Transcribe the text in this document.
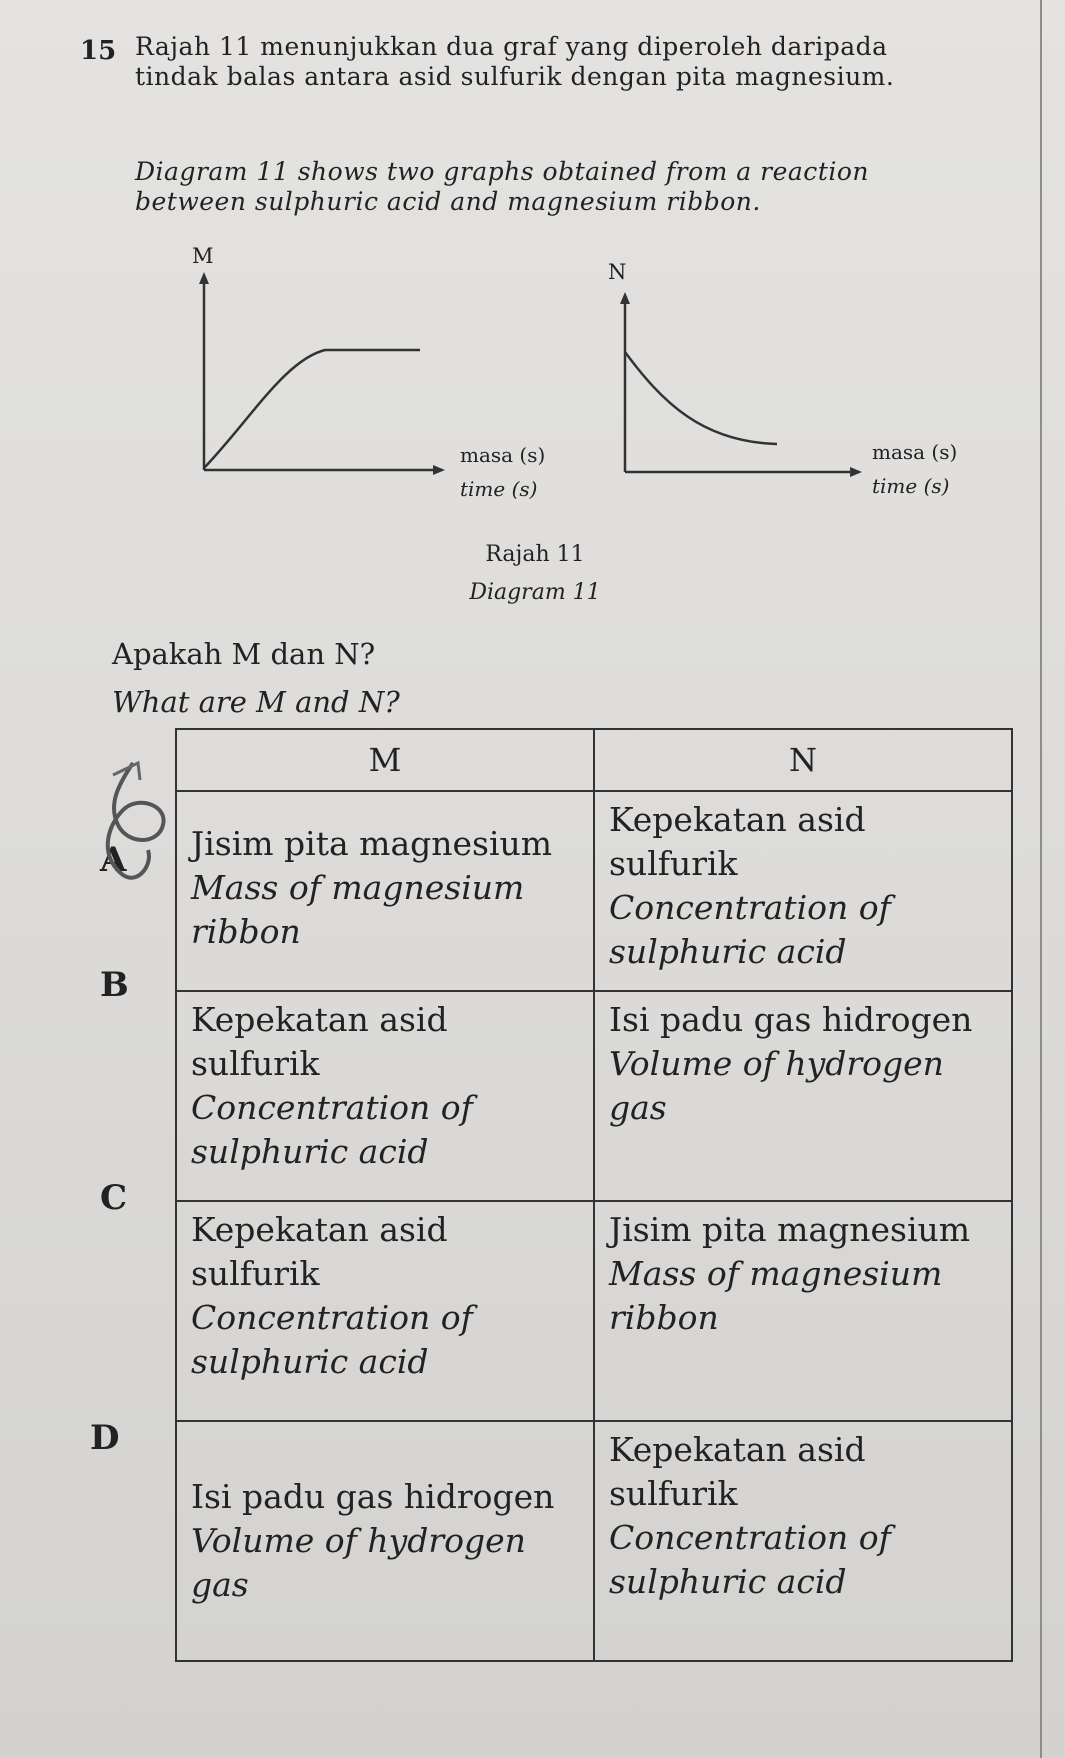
15 Rajah 11 menunjukkan dua graf yang diperoleh daripada tindak balas antara asid sulfurik dengan pita magnesium.
Diagram 11 shows two graphs obtained from a reaction between sulphuric acid and magnesium ribbon.
M
masa (s)
time (s)
N
masa (s)
time (s)
Rajah 11
Diagram 11
Apakah M dan N?
What are M and N?
A
B
C
D
M	N

Jisim pita magnesium
Mass of magnesium ribbon	Kepekatan asid sulfurik
Concentration of sulphuric acid

Kepekatan asid sulfurik
Concentration of sulphuric acid	Isi padu gas hidrogen
Volume of hydrogen gas

Kepekatan asid sulfurik
Concentration of sulphuric acid	Jisim pita magnesium
Mass of magnesium ribbon

Isi padu gas hidrogen
Volume of hydrogen gas	Kepekatan asid sulfurik
Concentration of sulphuric acid
